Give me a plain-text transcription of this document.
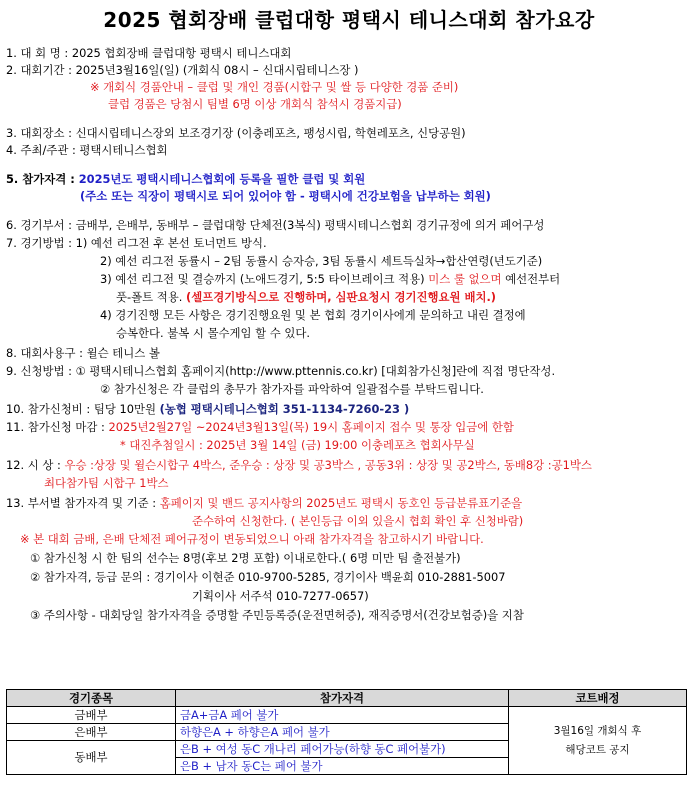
2025 협회장배 클럽대항 평택시 테니스대회 참가요강
1. 대 회 명 : 2025 협회장배 클럽대항 평택시 테니스대회
2. 대회기간 : 2025년3월16일(일) (개회식 08시 – 신대시립테니스장 )
※ 개회식 경품안내 – 클럽 및 개인 경품(시합구 및 쌀 등 다양한 경품 준비)
클럽 경품은 당첨시 팀별 6명 이상 개회식 참석시 경품지급)
3. 대회장소 : 신대시립테니스장외 보조경기장 (이충레포츠, 팽성시립, 학현레포츠, 신당공원)
4. 주최/주관 : 평택시테니스협회
5. 참가자격 : 2025년도 평택시테니스협회에 등록을 필한 클럽 및 회원
(주소 또는 직장이 평택시로 되어 있어야 함 - 평택시에 건강보험을 납부하는 회원)
6. 경기부서 : 금배부, 은배부, 동배부 – 클럽대항 단체전(3복식) 평택시테니스협회 경기규정에 의거 페어구성
7. 경기방법 : 1) 예선 리그전 후 본선 토너먼트 방식.
2) 예선 리그전 동률시 – 2팀 동률시 승자승, 3팀 동률시 세트득실차→합산연령(년도기준)
3) 예선 리그전 및 결승까지 (노애드경기, 5:5 타이브레이크 적용) 미스 룰 없으며 예선전부터
풋-폴트 적용. (셀프경기방식으로 진행하며, 심판요청시 경기진행요원 배치.)
4) 경기진행 모든 사항은 경기진행요원 및 본 협회 경기이사에게 문의하고 내린 결정에
승복한다. 불복 시 몰수게임 할 수 있다.
8. 대회사용구 : 윌슨 테니스 볼
9. 신청방법 : ① 평택시테니스협회 홈페이지(http://www.pttennis.co.kr) [대회참가신청]란에 직접 명단작성.
② 참가신청은 각 클럽의 총무가 참가자를 파악하여 일괄접수를 부탁드립니다.
10. 참가신청비 : 팀당 10만원 (농협 평택시테니스협회 351-1134-7260-23 )
11. 참가신청 마감 : 2025년2월27일 ~2024년3월13일(목) 19시 홈페이지 접수 및 통장 입금에 한함
* 대진추첨일시 : 2025년 3월 14일 (금) 19:00 이충레포츠 협회사무실
12. 시 상 : 우승 :상장 및 윌슨시합구 4박스, 준우승 : 상장 및 공3박스 , 공동3위 : 상장 및 공2박스, 동배8강 :공1박스
최다참가팀 시합구 1박스
13. 부서별 참가자격 및 기준 : 홈페이지 및 밴드 공지사항의 2025년도 평택시 동호인 등급분류표기준을
준수하여 신청한다. ( 본인등급 이외 있을시 협회 확인 후 신청바람)
※ 본 대회 금배, 은배 단체전 페어규정이 변동되었으니 아래 참가자격을 참고하시기 바랍니다.
① 참가신청 시 한 팀의 선수는 8명(후보 2명 포함) 이내로한다.( 6명 미만 팀 출전불가)
② 참가자격, 등급 문의 : 경기이사 이현준 010-9700-5285, 경기이사 백윤희 010-2881-5007
기획이사 서주석 010-7277-0657)
③ 주의사항 - 대회당일 참가자격을 증명할 주민등록증(운전면허증), 재직증명서(건강보험증)을 지참
경기종목	참가자격	코트배정
금배부	금A+금A 페어 불가	3월16일 개회식 후
해당코트 공지

은배부	하향은A + 하향은A 페어 불가	
동배부	은B + 여성 동C 개나리 페어가능(하향 동C 페어불가)	
	은B + 남자 동C는 페어 불가	
